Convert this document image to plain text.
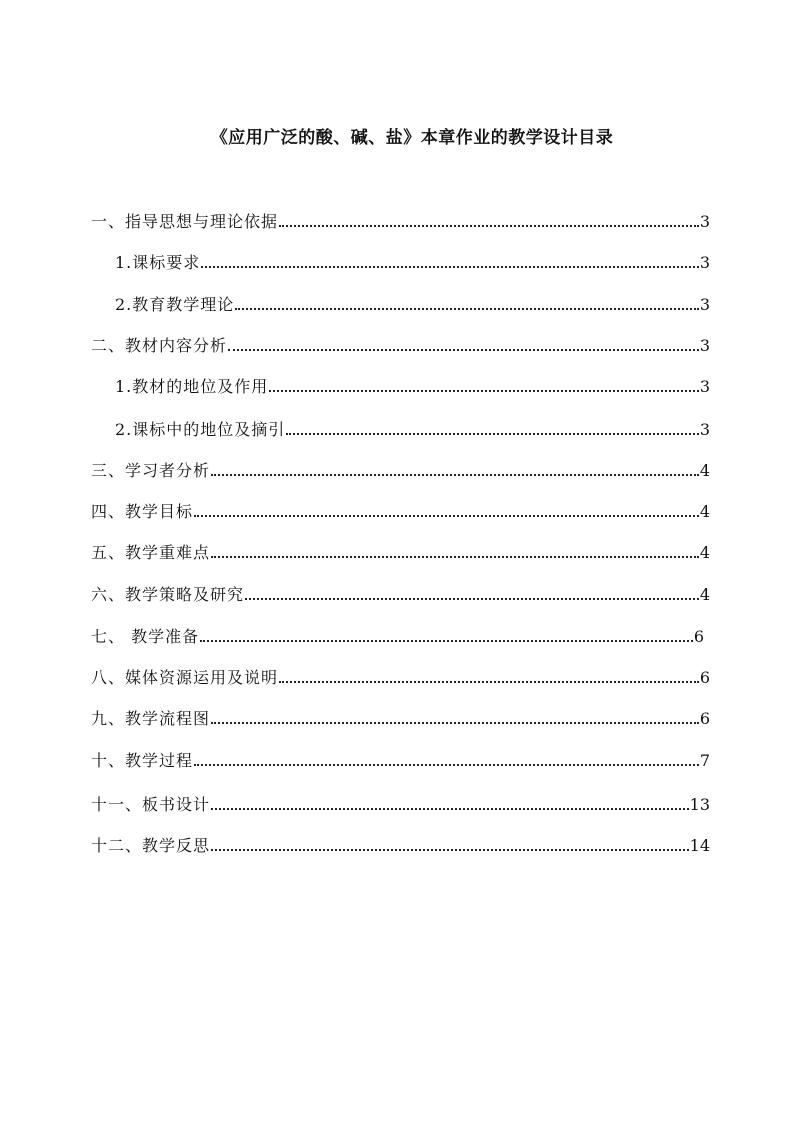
《应用广泛的酸、碱、盐》本章作业的教学设计目录
一、指导思想与理论依据	3
1.课标要求	3
2.教育教学理论	3
二、教材内容分析	3
1.教材的地位及作用	3
2.课标中的地位及摘引	3
三、学习者分析	4
四、教学目标	4
五、教学重难点	4
六、教学策略及研究	4
七、 教学准备	6
八、媒体资源运用及说明	6
九、教学流程图	6
十、教学过程	7
十一、板书设计	13
十二、教学反思	14
